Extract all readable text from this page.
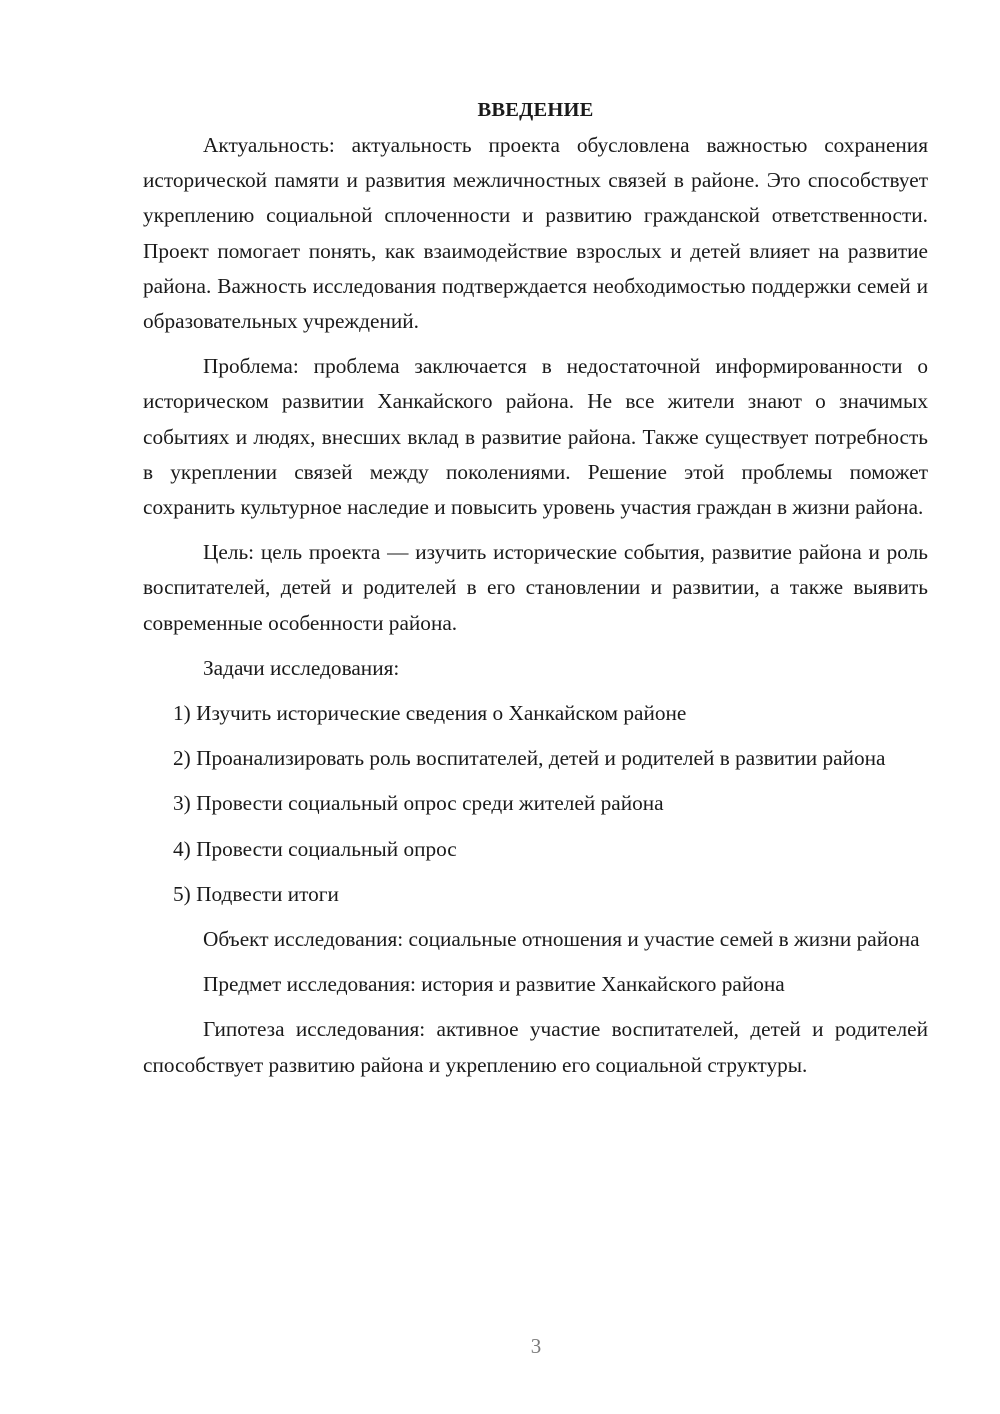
ВВЕДЕНИЕ

Актуальность: актуальность проекта обусловлена важностью сохранения исторической памяти и развития межличностных связей в районе. Это способствует укреплению социальной сплоченности и развитию гражданской ответственности. Проект помогает понять, как взаимодействие взрослых и детей влияет на развитие района. Важность исследования подтверждается необходимостью поддержки семей и образовательных учреждений.

Проблема: проблема заключается в недостаточной информированности о историческом развитии Ханкайского района. Не все жители знают о значимых событиях и людях, внесших вклад в развитие района. Также существует потребность в укреплении связей между поколениями. Решение этой проблемы поможет сохранить культурное наследие и повысить уровень участия граждан в жизни района.

Цель: цель проекта — изучить исторические события, развитие района и роль воспитателей, детей и родителей в его становлении и развитии, а также выявить современные особенности района.

Задачи исследования:

1) Изучить исторические сведения о Ханкайском районе

2) Проанализировать роль воспитателей, детей и родителей в развитии района

3) Провести социальный опрос среди жителей района

4) Провести социальный опрос

5) Подвести итоги

Объект исследования: социальные отношения и участие семей в жизни района

Предмет исследования: история и развитие Ханкайского района

Гипотеза исследования: активное участие воспитателей, детей и родителей способствует развитию района и укреплению его социальной структуры.

3
